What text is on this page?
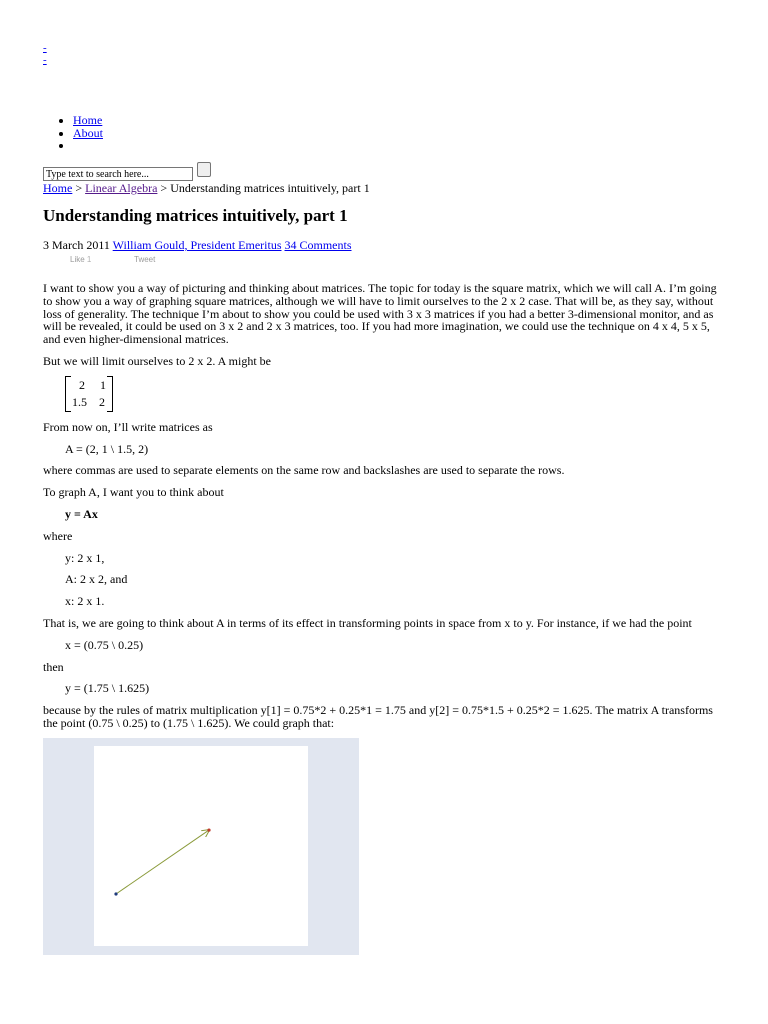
-
-
• Home
• About
•
Type text to search here...
Home > Linear Algebra > Understanding matrices intuitively, part 1
Understanding matrices intuitively, part 1
3 March 2011 William Gould, President Emeritus 34 Comments
Like 1	Tweet

I want to show you a way of picturing and thinking about matrices. The topic for today is the square matrix, which we will call A. I’m going to show you a way of graphing square matrices, although we will have to limit ourselves to the 2 x 2 case. That will be, as they say, without loss of generality. The technique I’m about to show you could be used with 3 x 3 matrices if you had a better 3-dimensional monitor, and as will be revealed, it could be used on 3 x 2 and 2 x 3 matrices, too. If you had more imagination, we could use the technique on 4 x 4, 5 x 5, and even higher-dimensional matrices.

But we will limit ourselves to 2 x 2. A might be

2 1
1.5 2

From now on, I’ll write matrices as

A = (2, 1 \ 1.5, 2)

where commas are used to separate elements on the same row and backslashes are used to separate the rows.

To graph A, I want you to think about

y = Ax

where

y: 2 x 1,

A: 2 x 2, and

x: 2 x 1.

That is, we are going to think about A in terms of its effect in transforming points in space from x to y. For instance, if we had the point

x = (0.75 \ 0.25)

then

y = (1.75 \ 1.625)

because by the rules of matrix multiplication y[1] = 0.75*2 + 0.25*1 = 1.75 and y[2] = 0.75*1.5 + 0.25*2 = 1.625. The matrix A transforms the point (0.75 \ 0.25) to (1.75 \ 1.625). We could graph that:
